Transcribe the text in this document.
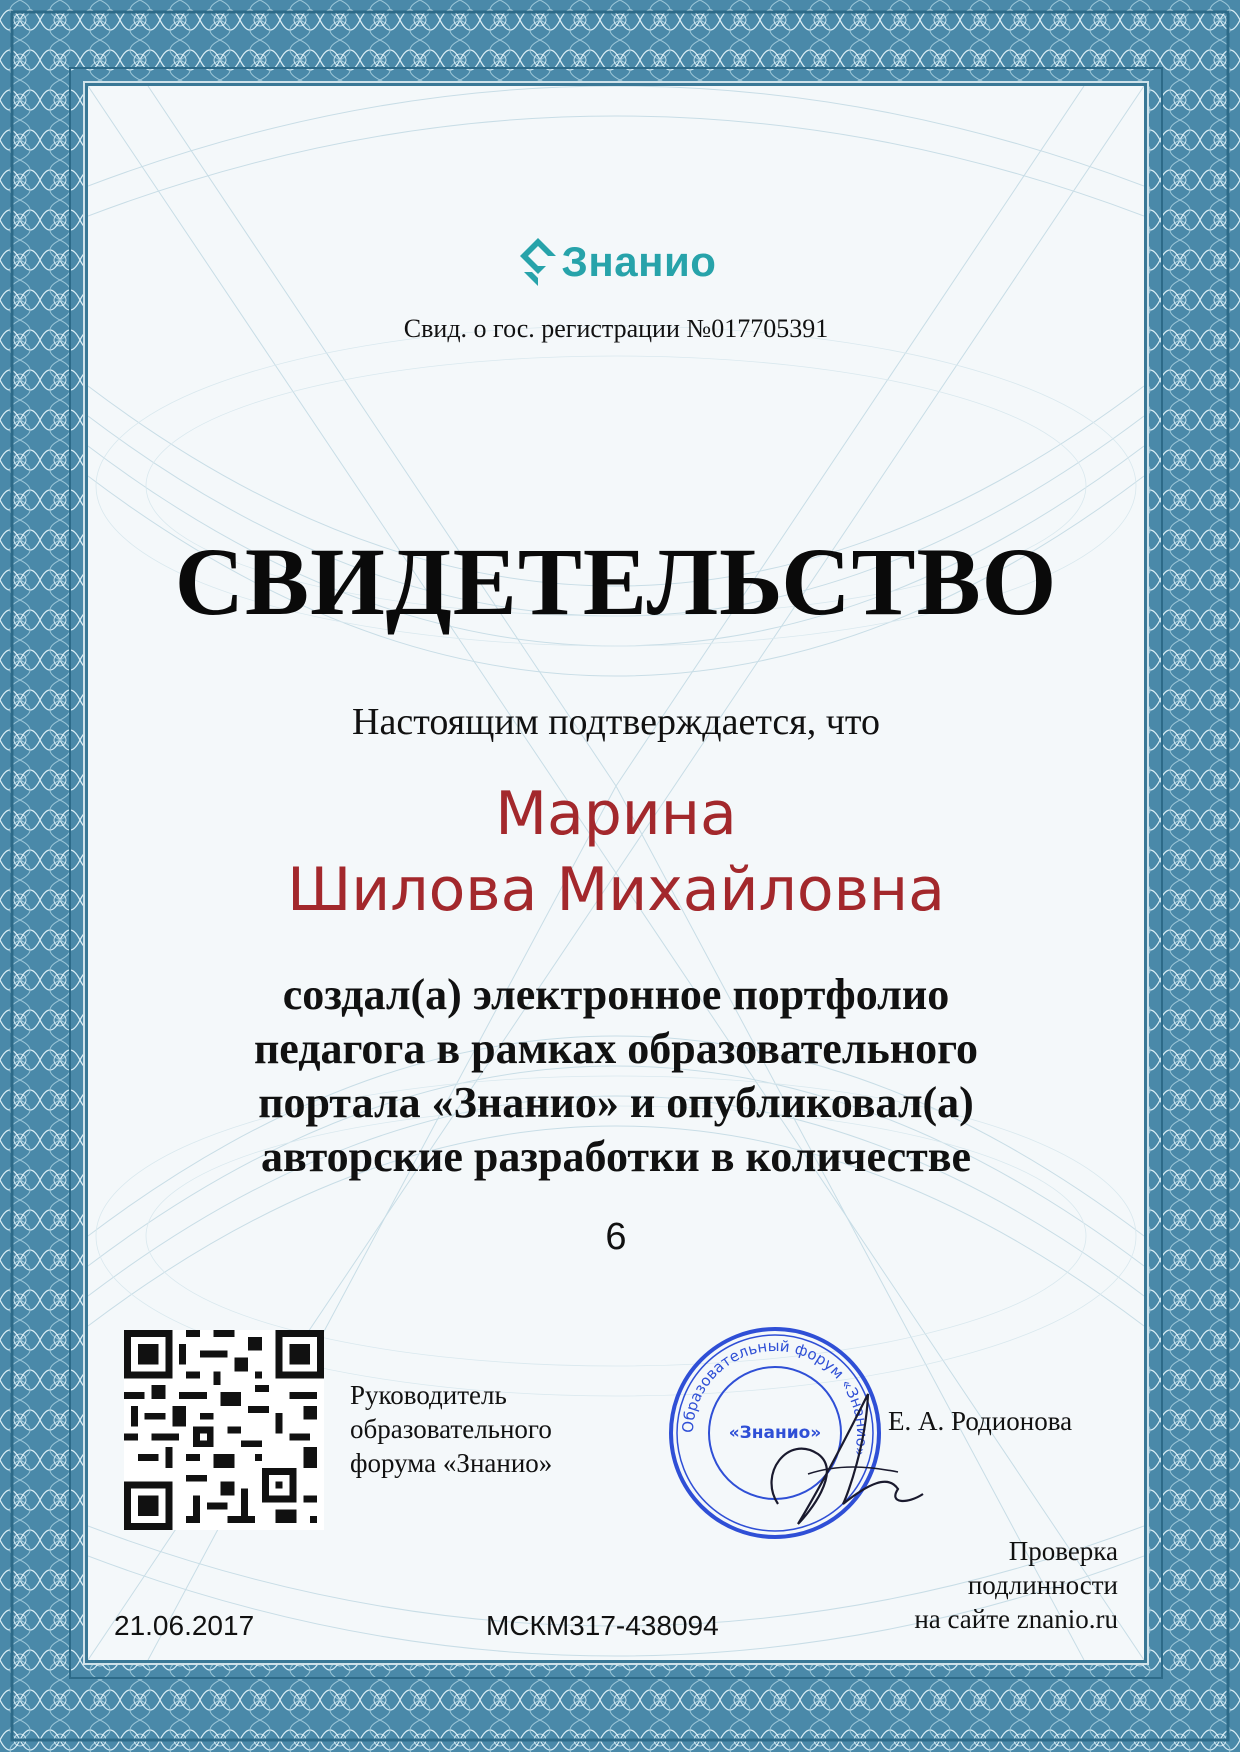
Знанио
Свид. о гос. регистрации №017705391
СВИДЕТЕЛЬСТВО
Настоящим подтверждается, что
Марина
Шилова Михайловна
создал(а) электронное портфолио
педагога в рамках образовательного
портала «Знанио» и опубликовал(а)
авторские разработки в количестве
6
Руководитель
образовательного
форума «Знанио»
Образовательный форум «Знанио»
«Знанио» Е. А. Родионова
Проверка
подлинности
на сайте znanio.ru
21.06.2017	МСКМ317-438094
